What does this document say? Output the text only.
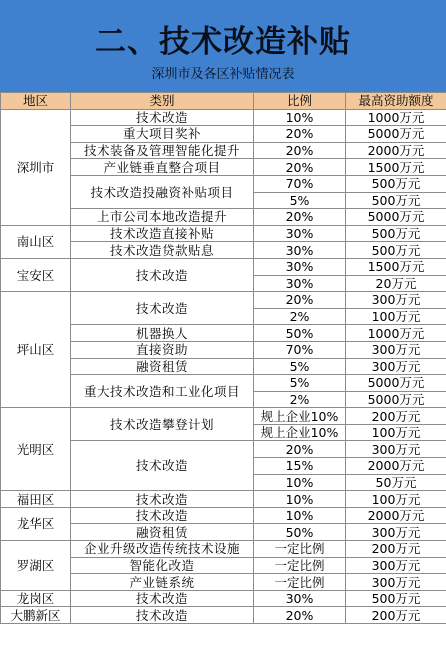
二、技术改造补贴
深圳市及各区补贴情况表
地区	类别	比例	最高资助额度
深圳市	技术改造	10%	1000万元
	重大项目奖补	20%	5000万元
	技术装备及管理智能化提升	20%	2000万元
	产业链垂直整合项目	20%	1500万元
	技术改造投融资补贴项目	70%	500万元
		5%	500万元
	上市公司本地改造提升	20%	5000万元
南山区	技术改造直接补贴	30%	500万元
	技术改造贷款贴息	30%	500万元
宝安区	技术改造	30%	1500万元
		30%	20万元
坪山区	技术改造	20%	300万元
		2%	100万元
	机器换人	50%	1000万元
	直接资助	70%	300万元
	融资租赁	5%	300万元
	重大技术改造和工业化项目	5%	5000万元
		2%	5000万元
光明区	技术改造攀登计划	规上企业10%	200万元
		规上企业10%	100万元
	技术改造	20%	300万元
		15%	2000万元
		10%	50万元
福田区	技术改造	10%	100万元
龙华区	技术改造	10%	2000万元
	融资租赁	50%	300万元
罗湖区	企业升级改造传统技术设施	一定比例	200万元
	智能化改造	一定比例	300万元
	产业链系统	一定比例	300万元
龙岗区	技术改造	30%	500万元
大鹏新区	技术改造	20%	200万元
